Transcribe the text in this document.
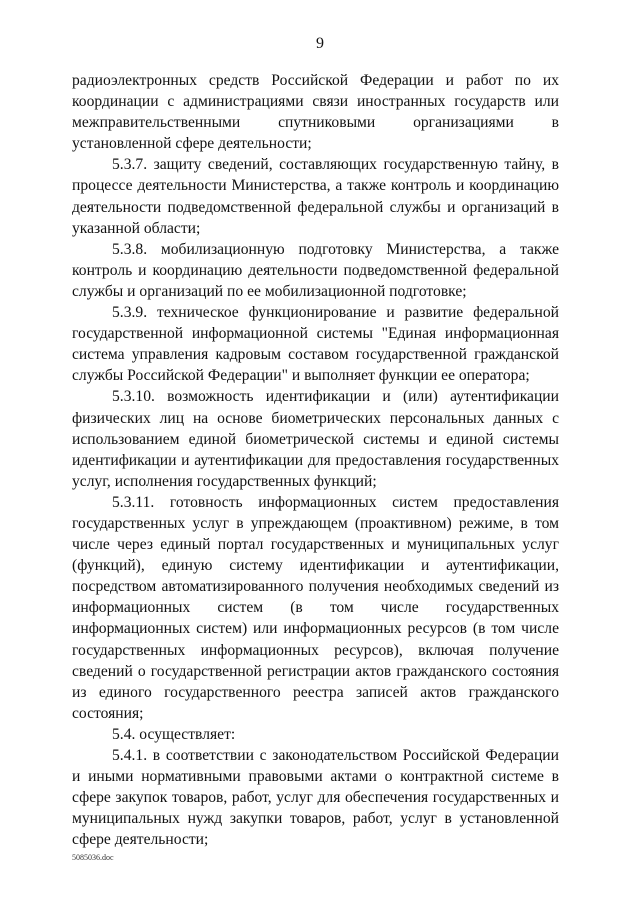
9

радиоэлектронных средств Российской Федерации и работ по их координации с администрациями связи иностранных государств или межправительственными спутниковыми организациями в установленной сфере деятельности;

5.3.7. защиту сведений, составляющих государственную тайну, в процессе деятельности Министерства, а также контроль и координацию деятельности подведомственной федеральной службы и организаций в указанной области;

5.3.8. мобилизационную подготовку Министерства, а также контроль и координацию деятельности подведомственной федеральной службы и организаций по ее мобилизационной подготовке;

5.3.9. техническое функционирование и развитие федеральной государственной информационной системы "Единая информационная система управления кадровым составом государственной гражданской службы Российской Федерации" и выполняет функции ее оператора;

5.3.10. возможность идентификации и (или) аутентификации физических лиц на основе биометрических персональных данных с использованием единой биометрической системы и единой системы идентификации и аутентификации для предоставления государственных услуг, исполнения государственных функций;

5.3.11. готовность информационных систем предоставления государственных услуг в упреждающем (проактивном) режиме, в том числе через единый портал государственных и муниципальных услуг (функций), единую систему идентификации и аутентификации, посредством автоматизированного получения необходимых сведений из информационных систем (в том числе государственных информационных систем) или информационных ресурсов (в том числе государственных информационных ресурсов), включая получение сведений о государственной регистрации актов гражданского состояния из единого государственного реестра записей актов гражданского состояния;

5.4. осуществляет:

5.4.1. в соответствии с законодательством Российской Федерации и иными нормативными правовыми актами о контрактной системе в сфере закупок товаров, работ, услуг для обеспечения государственных и муниципальных нужд закупки товаров, работ, услуг в установленной сфере деятельности;

5085036.doc
